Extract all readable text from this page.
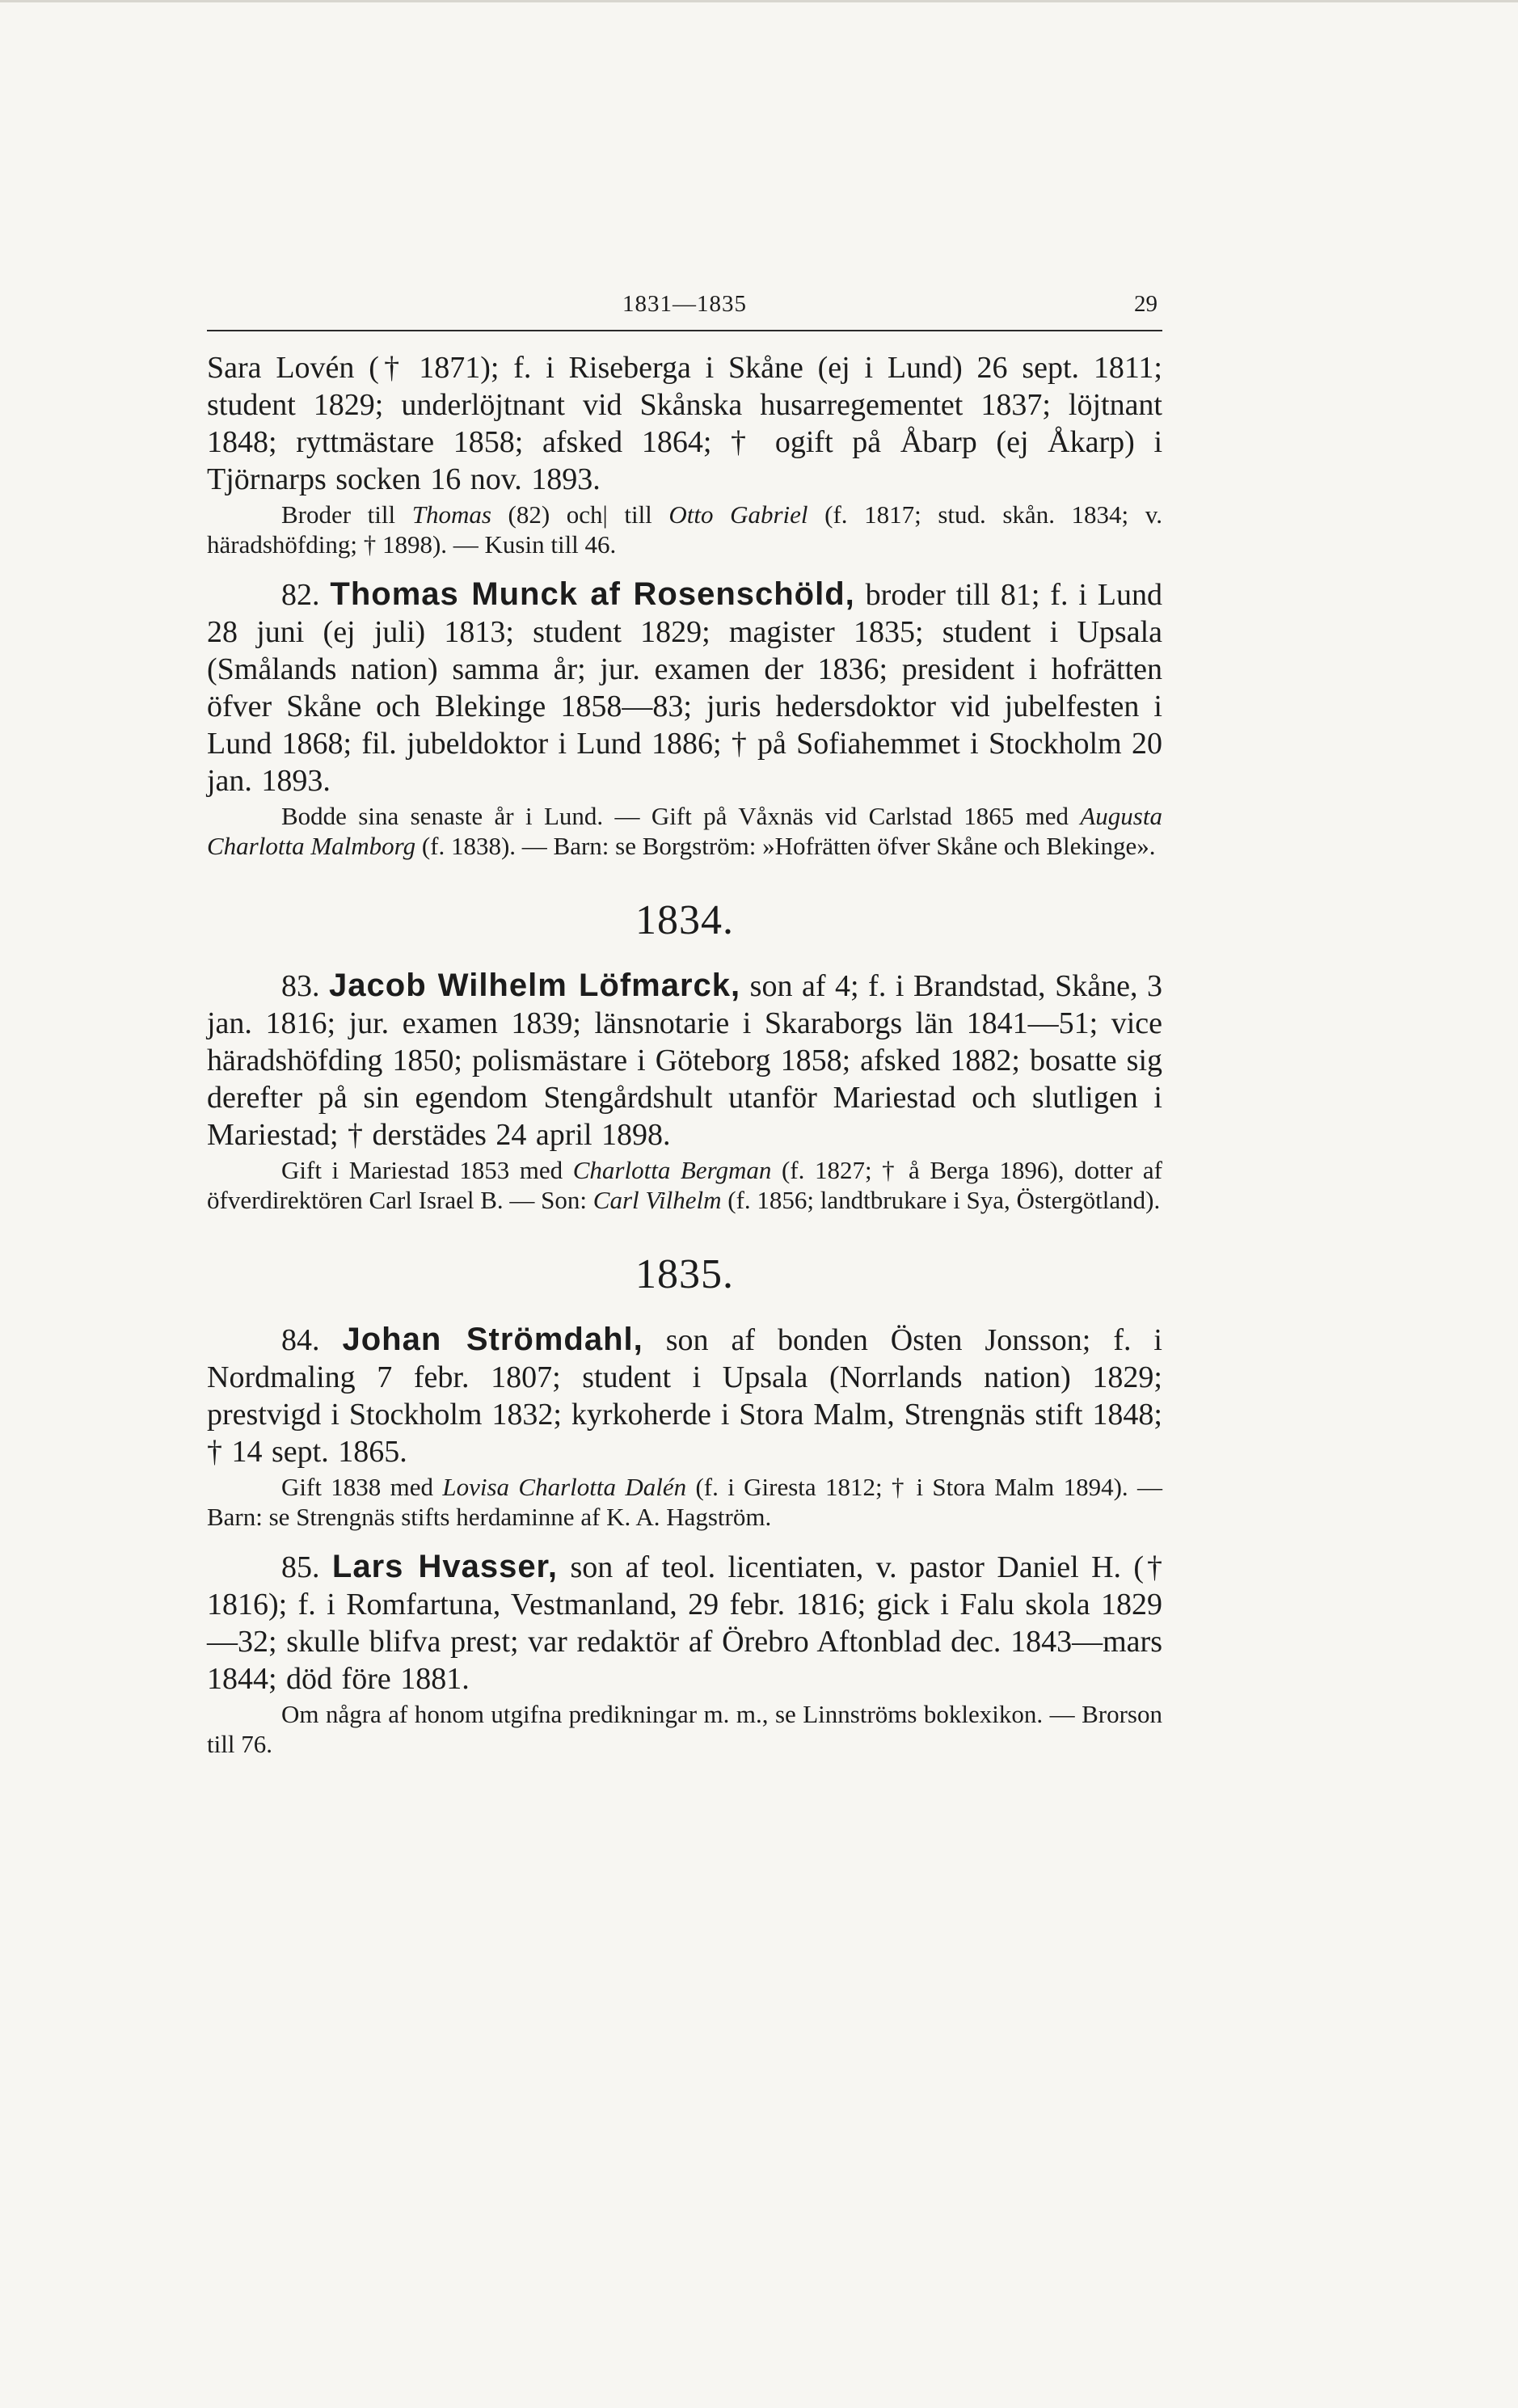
1831—1835	29

Sara Lovén († 1871); f. i Riseberga i Skåne (ej i Lund) 26 sept. 1811; student 1829; underlöjtnant vid Skånska husarregementet 1837; löjtnant 1848; ryttmästare 1858; afsked 1864; † ogift på Åbarp (ej Åkarp) i Tjörnarps socken 16 nov. 1893.

Broder till Thomas (82) och| till Otto Gabriel (f. 1817; stud. skån. 1834; v. häradshöfding; † 1898). — Kusin till 46.

82. Thomas Munck af Rosenschöld, broder till 81; f. i Lund 28 juni (ej juli) 1813; student 1829; magister 1835; student i Upsala (Smålands nation) samma år; jur. examen der 1836; president i hofrätten öfver Skåne och Blekinge 1858—83; juris hedersdoktor vid jubelfesten i Lund 1868; fil. jubeldoktor i Lund 1886; † på Sofiahemmet i Stockholm 20 jan. 1893.

Bodde sina senaste år i Lund. — Gift på Våxnäs vid Carlstad 1865 med Augusta Charlotta Malmborg (f. 1838). — Barn: se Borgström: »Hofrätten öfver Skåne och Blekinge».

1834.

83. Jacob Wilhelm Löfmarck, son af 4; f. i Brandstad, Skåne, 3 jan. 1816; jur. examen 1839; länsnotarie i Skaraborgs län 1841—51; vice häradshöfding 1850; polismästare i Göteborg 1858; afsked 1882; bosatte sig derefter på sin egendom Stengårdshult utanför Mariestad och slutligen i Mariestad; † derstädes 24 april 1898.

Gift i Mariestad 1853 med Charlotta Bergman (f. 1827; † å Berga 1896), dotter af öfverdirektören Carl Israel B. — Son: Carl Vilhelm (f. 1856; landtbrukare i Sya, Östergötland).

1835.

84. Johan Strömdahl, son af bonden Östen Jonsson; f. i Nordmaling 7 febr. 1807; student i Upsala (Norrlands nation) 1829; prestvigd i Stockholm 1832; kyrkoherde i Stora Malm, Strengnäs stift 1848; † 14 sept. 1865.

Gift 1838 med Lovisa Charlotta Dalén (f. i Giresta 1812; † i Stora Malm 1894). — Barn: se Strengnäs stifts herdaminne af K. A. Hagström.

85. Lars Hvasser, son af teol. licentiaten, v. pastor Daniel H. († 1816); f. i Romfartuna, Vestmanland, 29 febr. 1816; gick i Falu skola 1829—32; skulle blifva prest; var redaktör af Örebro Aftonblad dec. 1843—mars 1844; död före 1881.

Om några af honom utgifna predikningar m. m., se Linnströms boklexikon. — Brorson till 76.
